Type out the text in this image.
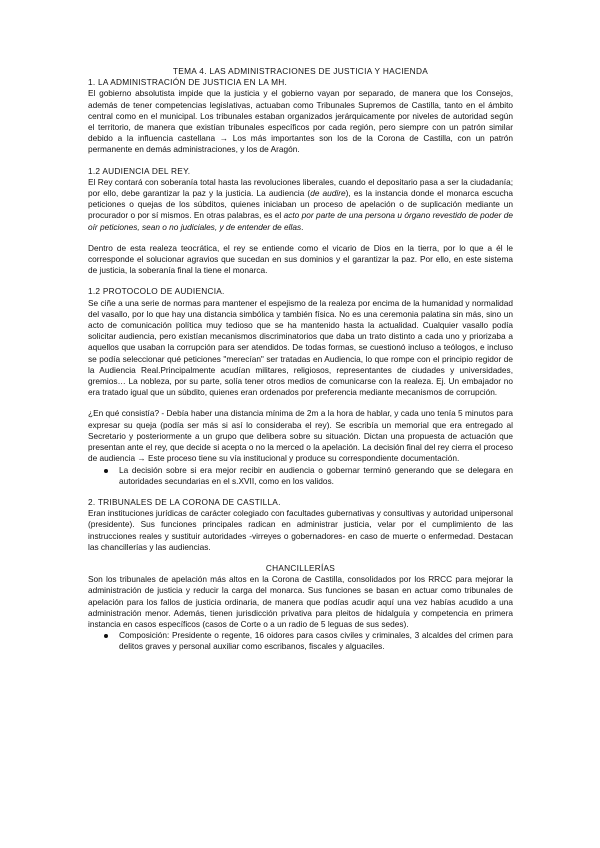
TEMA 4. LAS ADMINISTRACIONES DE JUSTICIA Y HACIENDA
1. LA ADMINISTRACIÓN DE JUSTICIA EN LA MH.

El gobierno absolutista impide que la justicia y el gobierno vayan por separado, de manera que los Consejos, además de tener competencias legislativas, actuaban como Tribunales Supremos de Castilla, tanto en el ámbito central como en el municipal. Los tribunales estaban organizados jerárquicamente por niveles de autoridad según el territorio, de manera que existían tribunales específicos por cada región, pero siempre con un patrón similar debido a la influencia castellana → Los más importantes son los de la Corona de Castilla, con un patrón permanente en demás administraciones, y los de Aragón.

1.2 AUDIENCIA DEL REY.

El Rey contará con soberanía total hasta las revoluciones liberales, cuando el depositario pasa a ser la ciudadanía; por ello, debe garantizar la paz y la justicia. La audiencia (de audire), es la instancia donde el monarca escucha peticiones o quejas de los súbditos, quienes iniciaban un proceso de apelación o de suplicación mediante un procurador o por sí mismos. En otras palabras, es el acto por parte de una persona u órgano revestido de poder de oír peticiones, sean o no judiciales, y de entender de ellas.

Dentro de esta realeza teocrática, el rey se entiende como el vicario de Dios en la tierra, por lo que a él le corresponde el solucionar agravios que sucedan en sus dominios y el garantizar la paz. Por ello, en este sistema de justicia, la soberanía final la tiene el monarca.

1.2 PROTOCOLO DE AUDIENCIA.

Se ciñe a una serie de normas para mantener el espejismo de la realeza por encima de la humanidad y normalidad del vasallo, por lo que hay una distancia simbólica y también física. No es una ceremonia palatina sin más, sino un acto de comunicación política muy tedioso que se ha mantenido hasta la actualidad. Cualquier vasallo podía solicitar audiencia, pero existían mecanismos discriminatorios que daba un trato distinto a cada uno y priorizaba a aquellos que usaban la corrupción para ser atendidos. De todas formas, se cuestionó incluso a teólogos, e incluso se podía seleccionar qué peticiones "merecían" ser tratadas en Audiencia, lo que rompe con el principio regidor de la Audiencia Real.Principalmente acudían militares, religiosos, representantes de ciudades y universidades, gremios… La nobleza, por su parte, solía tener otros medios de comunicarse con la realeza. Ej. Un embajador no era tratado igual que un súbdito, quienes eran ordenados por preferencia mediante mecanismos de corrupción.

¿En qué consistía? - Debía haber una distancia mínima de 2m a la hora de hablar, y cada uno tenía 5 minutos para expresar su queja (podía ser más si así lo consideraba el rey). Se escribía un memorial que era entregado al Secretario y posteriormente a un grupo que delibera sobre su situación. Dictan una propuesta de actuación que presentan ante el rey, que decide si acepta o no la merced o la apelación. La decisión final del rey cierra el proceso de audiencia → Este proceso tiene su vía institucional y produce su correspondiente documentación.

La decisión sobre si era mejor recibir en audiencia o gobernar terminó generando que se delegara en autoridades secundarias en el s.XVII, como en los validos.
2. TRIBUNALES DE LA CORONA DE CASTILLA.

Eran instituciones jurídicas de carácter colegiado con facultades gubernativas y consultivas y autoridad unipersonal (presidente). Sus funciones principales radican en administrar justicia, velar por el cumplimiento de las instrucciones reales y sustituir autoridades -virreyes o gobernadores- en caso de muerte o enfermedad. Destacan las chancillerías y las audiencias.

CHANCILLERÍAS

Son los tribunales de apelación más altos en la Corona de Castilla, consolidados por los RRCC para mejorar la administración de justicia y reducir la carga del monarca. Sus funciones se basan en actuar como tribunales de apelación para los fallos de justicia ordinaria, de manera que podías acudir aquí una vez habías acudido a una administración menor. Además, tienen jurisdicción privativa para pleitos de hidalguía y competencia en primera instancia en casos específicos (casos de Corte o a un radio de 5 leguas de sus sedes).

Composición: Presidente o regente, 16 oidores para casos civiles y criminales, 3 alcaldes del crimen para delitos graves y personal auxiliar como escribanos, fiscales y alguaciles.
